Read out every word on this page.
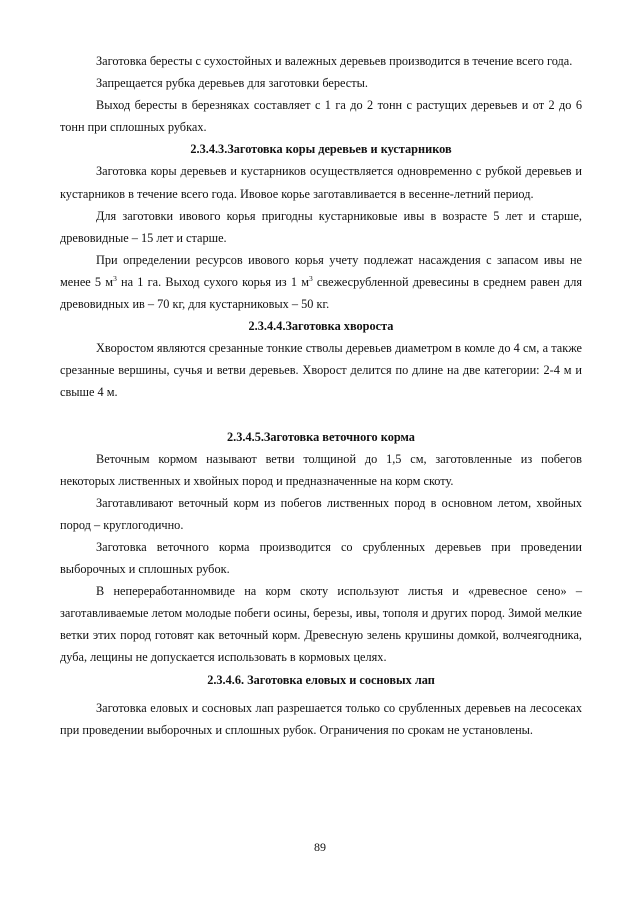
Заготовка бересты с сухостойных и валежных деревьев производится в течение всего года.

Запрещается рубка деревьев для заготовки бересты.

Выход бересты в березняках составляет с 1 га до 2 тонн с растущих деревьев и от 2 до 6 тонн при сплошных рубках.

2.3.4.3.Заготовка коры деревьев и кустарников

Заготовка коры деревьев и кустарников осуществляется одновременно с рубкой деревьев и кустарников в течение всего года. Ивовое корье заготавливается в весенне-летний период.

Для заготовки ивового корья пригодны кустарниковые ивы в возрасте 5 лет и старше, древовидные – 15 лет и старше.

При определении ресурсов ивового корья учету подлежат насаждения с запасом ивы не менее 5 $м^3$ на 1 га. Выход сухого корья из 1 $м^3$ свежесрубленной древесины в среднем равен для древовидных ив – 70 кг, для кустарниковых – 50 кг.

2.3.4.4.Заготовка хвороста

Хворостом являются срезанные тонкие стволы деревьев диаметром в комле до 4 см, а также срезанные вершины, сучья и ветви деревьев. Хворост делится по длине на две категории: 2-4 м и свыше 4 м.

2.3.4.5.Заготовка веточного корма

Веточным кормом называют ветви толщиной до 1,5 см, заготовленные из побегов некоторых лиственных и хвойных пород и предназначенные на корм скоту.

Заготавливают веточный корм из побегов лиственных пород в основном летом, хвойных пород – круглогодично.

Заготовка веточного корма производится со срубленных деревьев при проведении выборочных и сплошных рубок.

В непереработанномвиде на корм скоту используют листья и «древесное сено» – заготавливаемые летом молодые побеги осины, березы, ивы, тополя и других пород. Зимой мелкие ветки этих пород готовят как веточный корм. Древесную зелень крушины домкой, волчеягодника, дуба, лещины не допускается использовать в кормовых целях.

2.3.4.6. Заготовка еловых и сосновых лап

Заготовка еловых и сосновых лап разрешается только со срубленных деревьев на лесосеках при проведении выборочных и сплошных рубок. Ограничения по срокам не установлены.

89
